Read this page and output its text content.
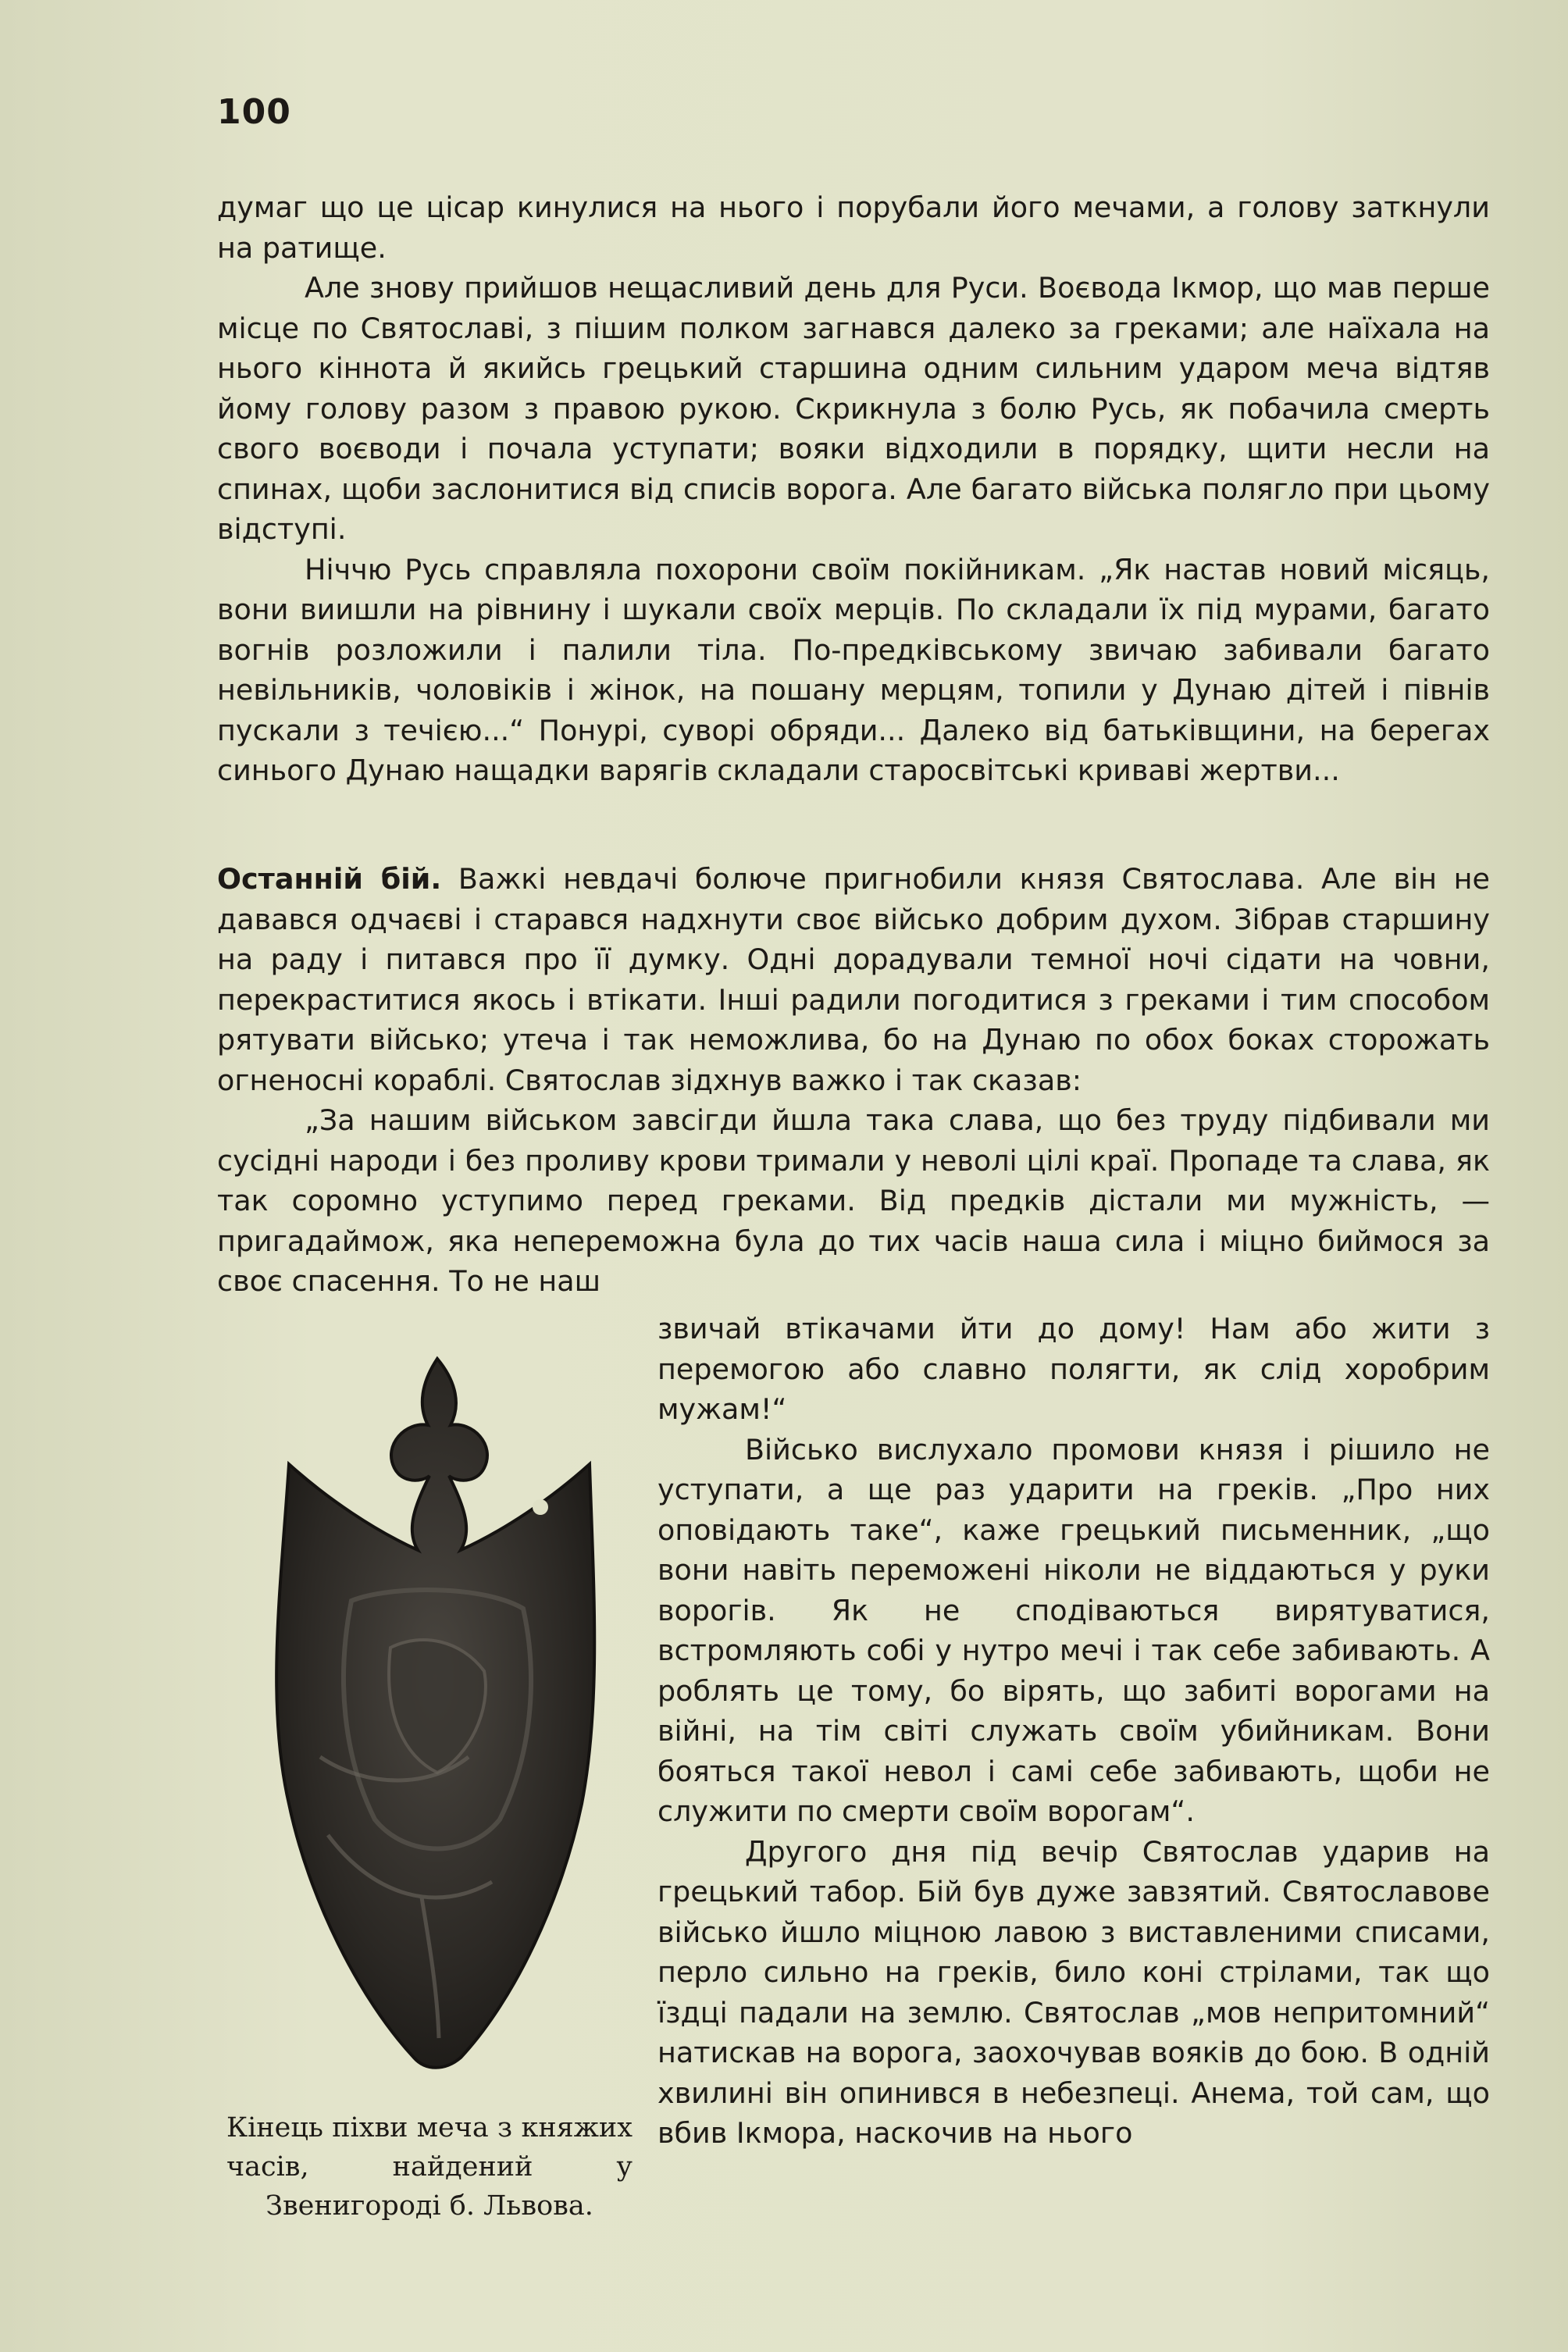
100

думаг що це цісар кинулися на нього і порубали його мечами, а голову заткнули на ратище.

Але знову прийшов нещасливий день для Руси. Воєвода Ікмор, що мав перше місце по Святославі, з пішим полком загнався далеко за греками; але наїхала на нього кіннота й якийсь грецький старшина одним сильним ударом меча відтяв йому голову разом з правою рукою. Скрикнула з болю Русь, як побачила смерть свого воєводи і почала уступати; вояки відходили в порядку, щити несли на спинах, щоби заслонитися від списів ворога. Але багато війська полягло при цьому відступі.

Ніччю Русь справляла похорони своїм покійникам. „Як настав новий місяць, вони виишли на рівнину і шукали своїх мерців. По складали їх під мурами, багато вогнів розложили і палили тіла. По-предківському звичаю забивали багато невільників, чоловіків і жінок, на пошану мерцям, топили у Дунаю дітей і півнів пускали з течією...“ Понурі, суворі обряди... Далеко від батьківщини, на берегах синього Дунаю нащадки варягів складали старосвітські криваві жертви...

Останній бій. Важкі невдачі болюче пригнобили князя Святослава. Але він не давався одчаєві і старався надхнути своє військо добрим духом. Зібрав старшину на раду і питався про її думку. Одні дорадували темної ночі сідати на човни, перекраститися якось і втікати. Інші радили погодитися з греками і тим способом рятувати військо; утеча і так неможлива, бо на Дунаю по обох боках сторожать огненосні кораблі. Святослав зідхнув важко і так сказав:

„За нашим військом завсігди йшла така слава, що без труду підбивали ми сусідні народи і без проливу крови тримали у неволі цілі краї. Пропаде та слава, як так соромно уступимо перед греками. Від предків дістали ми мужність, — пригадаймож, яка непереможна була до тих часів наша сила і міцно биймося за своє спасення. То не наш

звичай втікачами йти до дому! Нам або жити з перемогою або славно полягти, як слід хоробрим мужам!“

Військо вислухало промови князя і рішило не уступати, а ще раз ударити на греків. „Про них оповідають таке“, каже грецький письменник, „що вони навіть переможені ніколи не віддаються у руки ворогів. Як не сподіваються вирятуватися, встромляють собі у нутро мечі і так себе забивають. А роблять це тому, бо вірять, що забиті ворогами на війні, на тім світі служать своїм убийникам. Вони бояться такої невол і самі себе забивають, щоби не служити по смерти своїм ворогам“.

Другого дня під вечір Святослав ударив на грецький табор. Бій був дуже завзятий. Святославове військо йшло міцною лавою з виставленими списами, перло сильно на греків, било коні стрілами, так що їздці падали на землю. Святослав „мов непритомний“ натискав на ворога, заохочував вояків до бою. В одній хвилині він опинився в небезпеці. Анема, той сам, що вбив Ікмора, наскочив на нього

Кінець піхви меча з княжих часів, найдений у Звенигороді б. Львова.
